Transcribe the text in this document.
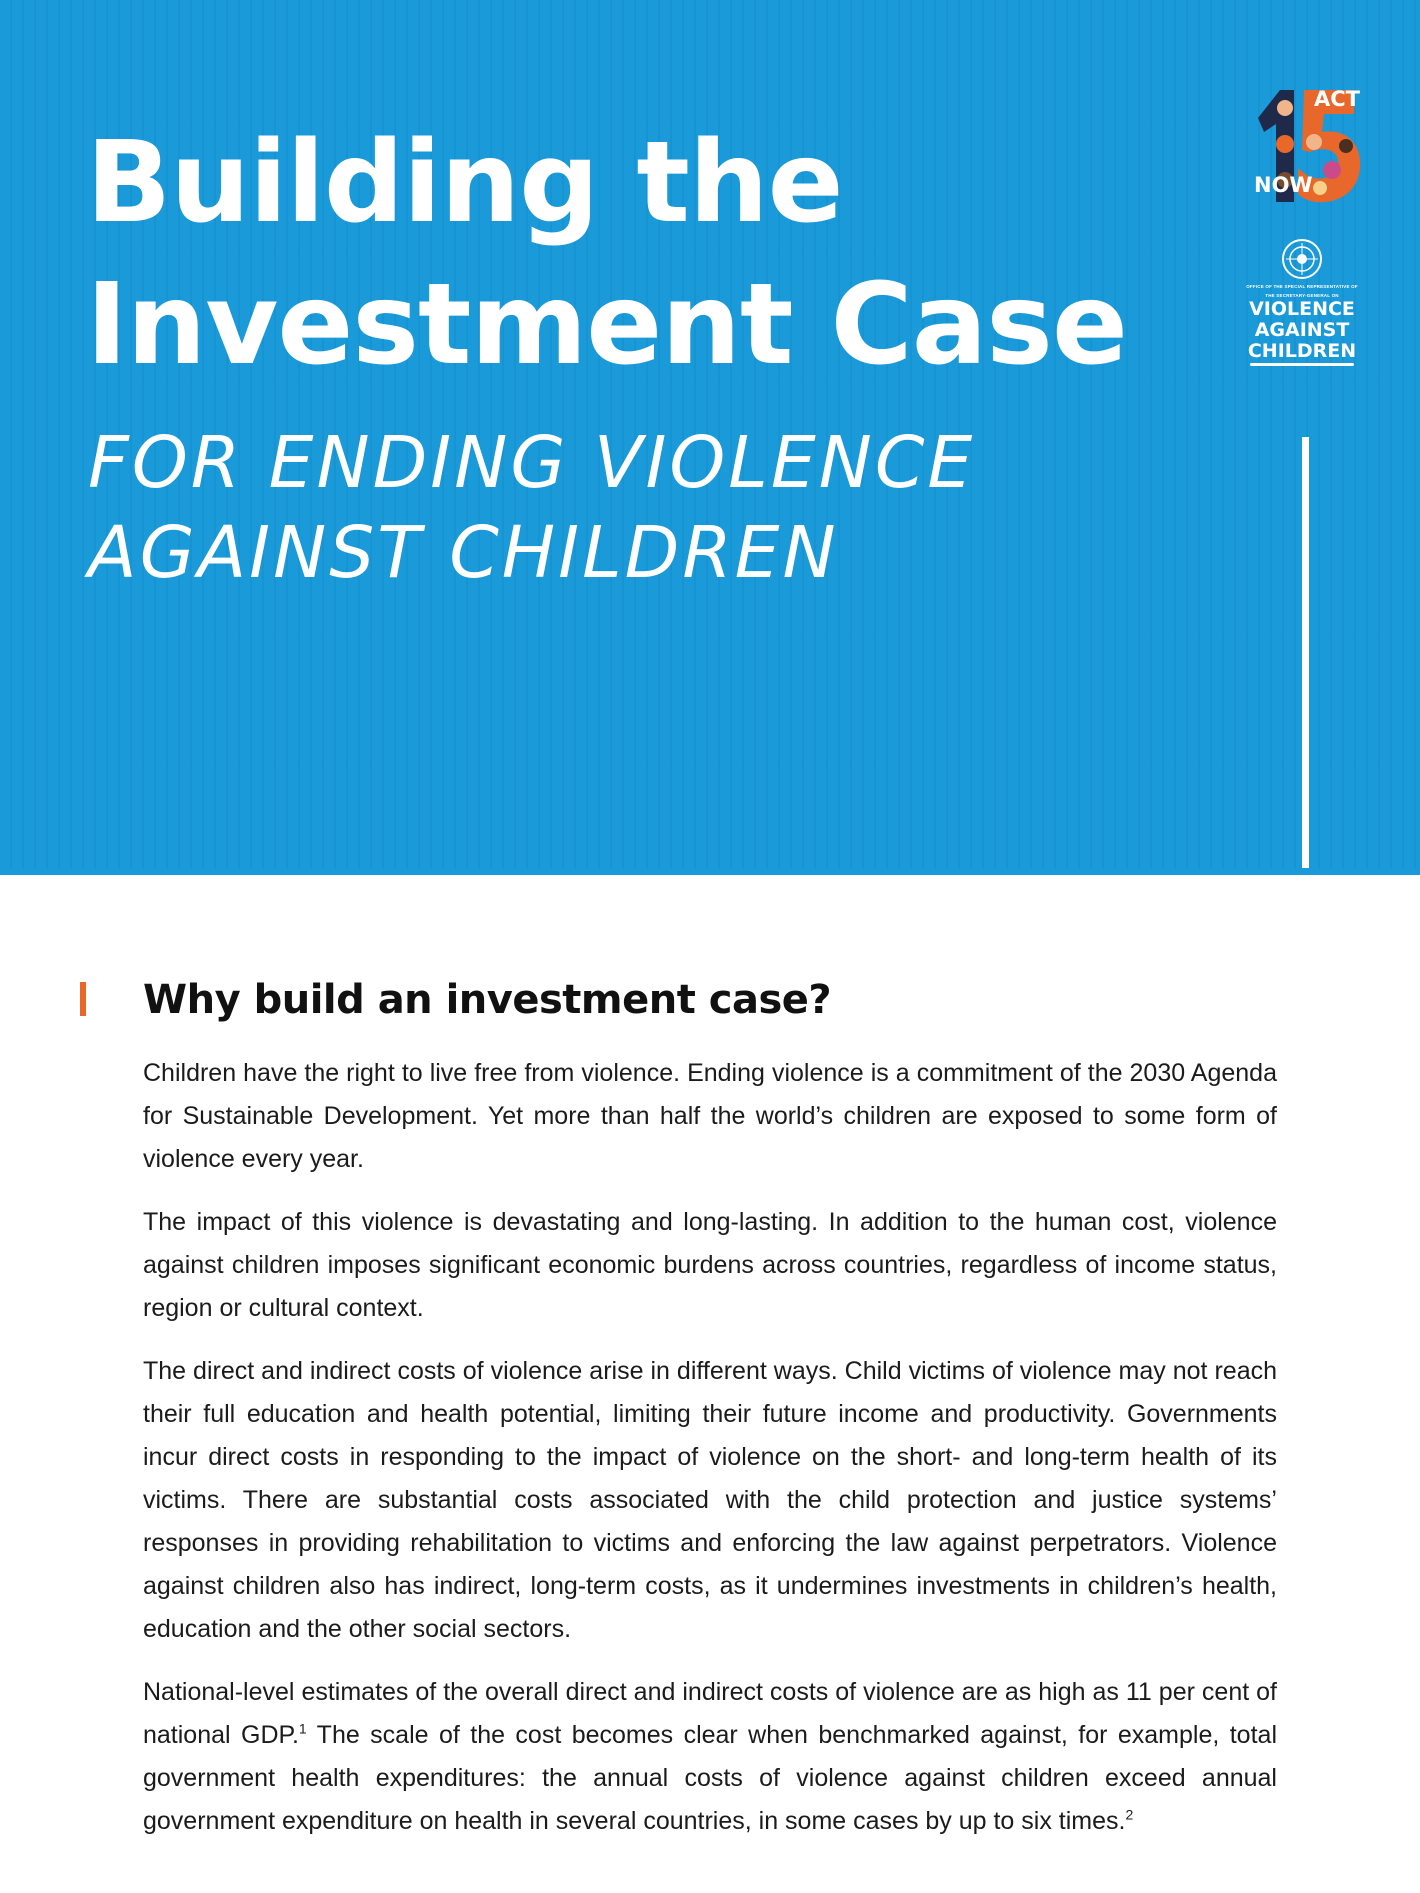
Building the
Investment Case
FOR ENDING VIOLENCE
AGAINST CHILDREN
ACT
NOW
OFFICE OF THE SPECIAL REPRESENTATIVE OF
THE SECRETARY-GENERAL ON
VIOLENCE
AGAINST
CHILDREN
Why build an investment case?

Children have the right to live free from violence. Ending violence is a commitment of the 2030 Agenda for Sustainable Development. Yet more than half the world’s children are exposed to some form of violence every year.

The impact of this violence is devastating and long-lasting. In addition to the human cost, violence against children imposes significant economic burdens across countries, regardless of income status, region or cultural context.

The direct and indirect costs of violence arise in different ways. Child victims of violence may not reach their full education and health potential, limiting their future income and productivity. Governments incur direct costs in responding to the impact of violence on the short- and long-term health of its victims. There are substantial costs associated with the child protection and justice systems’ responses in providing rehabilitation to victims and enforcing the law against perpetrators. Violence against children also has indirect, long-term costs, as it undermines investments in children’s health, education and the other social sectors.

National-level estimates of the overall direct and indirect costs of violence are as high as 11 per cent of national GDP.$^1$ The scale of the cost becomes clear when benchmarked against, for example, total government health expenditures: the annual costs of violence against children exceed annual government expenditure on health in several countries, in some cases by up to six times.$^2$
